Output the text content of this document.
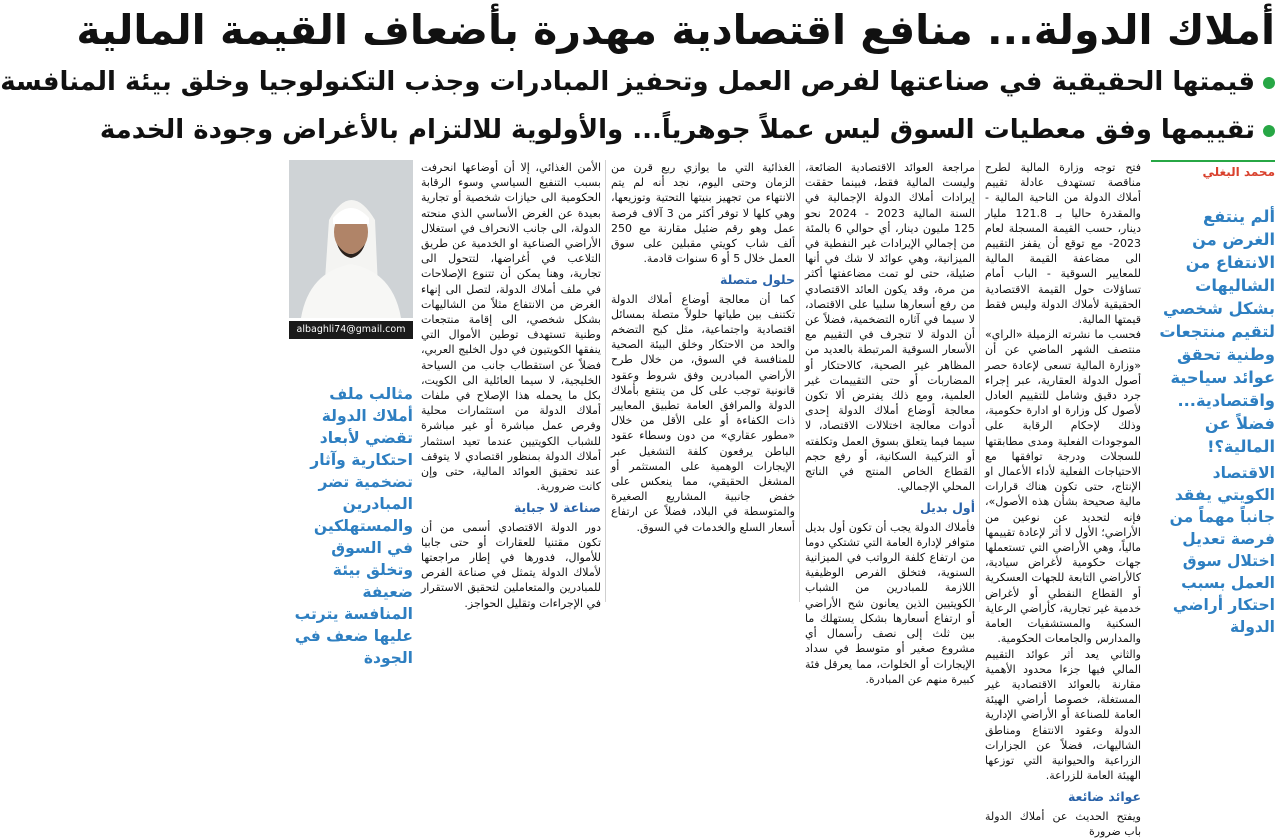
أملاك الدولة... منافع اقتصادية مهدرة بأضعاف القيمة المالية
قيمتها الحقيقية في صناعتها لفرص العمل وتحفيز المبادرات وجذب التكنولوجيا وخلق بيئة المنافسة
تقييمها وفق معطيات السوق ليس عملاً جوهرياً... والأولوية للالتزام بالأغراض وجودة الخدمة
محمد البغلي
ألم ينتفع الغرض من الانتفاع من الشاليهات بشكل شخصي لتقيم منتجعات وطنية تحقق عوائد سياحية واقتصادية... فضلاً عن المالية؟!
الاقتصاد الكويتي يفقد جانباً مهماً من فرصة تعديل اختلال سوق العمل بسبب احتكار أراضي الدولة

فتح توجه وزارة المالية لطرح مناقصة تستهدف عادلة تقييم أملاك الدولة من الناحية المالية - والمقدرة حاليا بـ 121.8 مليار دينار، حسب القيمة المسجلة لعام 2023- مع توقع أن يقفز التقييم الى مضاعفة القيمة المالية للمعايير السوقية - الباب أمام تساؤلات حول القيمة الاقتصادية الحقيقية لأملاك الدولة وليس فقط قيمتها المالية.

فحسب ما نشرته الزميلة «الراي» منتصف الشهر الماضي عن أن «وزارة المالية تسعى لإعادة حصر أصول الدولة العقارية، عبر إجراء جرد دقيق وشامل للتقييم العادل لأصول كل وزارة او ادارة حكومية، وذلك لإحكام الرقابة على الموجودات الفعلية ومدى مطابقتها للسجلات ودرجة توافقها مع الاحتياجات الفعلية لأداء الأعمال او الإنتاج، حتى تكون هناك قرارات مالية صحيحة بشأن هذه الأصول»، فإنه لتحديد عن نوعين من الأراضي؛ الأول لا أثر لإعادة تقييمها مالياً، وهي الأراضي التي تستعملها جهات حكومية لأغراض سيادية، كالأراضي التابعة للجهات العسكرية أو القطاع النفطي أو لأغراض خدمية غير تجارية، كأراضي الرعاية السكنية والمستشفيات العامة والمدارس والجامعات الحكومية.

والثاني يعد أثر عوائد التقييم المالي فيها جزءا محدود الأهمية مقارنة بالعوائد الاقتصادية غير المستغلة، خصوصا أراضي الهيئة العامة للصناعة أو الأراضي الإدارية الدولة وعقود الانتفاع ومناطق الشاليهات، فضلاً عن الجزارات الزراعية والحيوانية التي توزعها الهيئة العامة للزراعة.

عوائد ضائعة

ويفتح الحديث عن أملاك الدولة باب ضرورة

مراجعة العوائد الاقتصادية الضائعة، وليست المالية فقط، فبينما حققت إيرادات أملاك الدولة الإجمالية في السنة المالية 2023 - 2024 نحو 125 مليون دينار، أي حوالي 6 بالمئة من إجمالي الإيرادات غير النفطية في الميزانية، وهي عوائد لا شك في أنها ضئيلة، حتى لو تمت مضاعفتها أكثر من مرة، وقد يكون العائد الاقتصادي من رفع أسعارها سلبيا على الاقتصاد، لا سيما في آثاره التضخمية، فضلاً عن أن الدولة لا تنجرف في التقييم مع الأسعار السوقية المرتبطة بالعديد من المظاهر غير الصحية، كالاحتكار أو المضاربات أو حتى التقييمات غير العلمية، ومع ذلك يفترض ألا تكون معالجة أوضاع أملاك الدولة إحدى أدوات معالجة اختلالات الاقتصاد، لا سيما فيما يتعلق بسوق العمل وتكلفته أو التركيبة السكانية، أو رفع حجم القطاع الخاص المنتج في الناتج المحلي الإجمالي.

أول بديل

فأملاك الدولة يجب أن تكون أول بديل متوافر لإدارة العامة التي تشتكي دوما من ارتفاع كلفة الرواتب في الميزانية السنوية، فتخلق الفرص الوظيفية اللازمة للمبادرين من الشباب الكويتيين الذين يعانون شح الأراضي أو ارتفاع أسعارها بشكل يستهلك ما بين ثلث إلى نصف رأسمال أي مشروع صغير أو متوسط في سداد الإيجارات أو الخلوات، مما يعرقل فئة كبيرة منهم عن المبادرة.

الغذائية التي ما يوازي ربع قرن من الزمان وحتى اليوم، نجد أنه لم يتم الانتهاء من تجهيز بنيتها التحتية وتوزيعها، وهي كلها لا توفر أكثر من 3 آلاف فرصة عمل وهو رقم ضئيل مقارنة مع 250 ألف شاب كويتي مقبلين على سوق العمل خلال 5 أو 6 سنوات قادمة.

حلول متصلة

كما أن معالجة أوضاع أملاك الدولة تكتنف بين طياتها حلولاً متصلة بمسائل اقتصادية واجتماعية، مثل كبح التضخم والحد من الاحتكار وخلق البيئة الصحية للمنافسة في السوق، من خلال طرح الأراضي المبادرين وفق شروط وعقود قانونية توجب على كل من ينتفع بأملاك الدولة والمرافق العامة تطبيق المعايير ذات الكفاءة أو على الأقل من خلال «مطور عقاري» من دون وسطاء عقود الباطن يرفعون كلفة التشغيل عبر الإيجارات الوهمية على المستثمر أو المشغل الحقيقي، مما ينعكس على خفض جانبية المشاريع الصغيرة والمتوسطة في البلاد، فضلاً عن ارتفاع أسعار السلع والخدمات في السوق.

الأمن الغذائي، إلا أن أوضاعها انحرفت بسبب التنفيع السياسي وسوء الرقابة الحكومية الى حيازات شخصية أو تجارية بعيدة عن الغرض الأساسي الذي منحته الدولة، الى جانب الانحراف في استغلال الأراضي الصناعية او الخدمية عن طريق التلاعب في أغراضها، لتتحول الى تجارية، وهنا يمكن أن تتنوع الإصلاحات في ملف أملاك الدولة، لتصل الى إنهاء الغرض من الانتفاع مثلاً من الشاليهات بشكل شخصي، الى إقامة منتجعات وطنية تستهدف توطين الأموال التي ينفقها الكويتيون في دول الخليج العربي، فضلاً عن استقطاب جانب من السياحة الخليجية، لا سيما العائلية الى الكويت، بكل ما يحمله هذا الإصلاح في ملفات أملاك الدولة من استثمارات محلية وفرص عمل مباشرة أو غير مباشرة للشباب الكويتيين عندما تعيد استثمار أملاك الدولة بمنظور اقتصادي لا يتوقف عند تحقيق العوائد المالية، حتى وإن كانت ضرورية.

صناعة لا جباية

دور الدولة الاقتصادي أسمى من أن تكون مقتنيا للعقارات أو حتى جابيا للأموال، فدورها في إطار مراجعتها لأملاك الدولة يتمثل في صناعة الفرص للمبادرين والمتعاملين لتحقيق الاستقرار في الإجراءات وتقليل الحواجز.

albaghli74@gmail.com
مثالب ملف أملاك الدولة تقضي لأبعاد احتكارية وآثار تضخمية تضر المبادرين والمستهلكين في السوق وتخلق بيئة ضعيفة المنافسة يترتب عليها ضعف في الجودة
